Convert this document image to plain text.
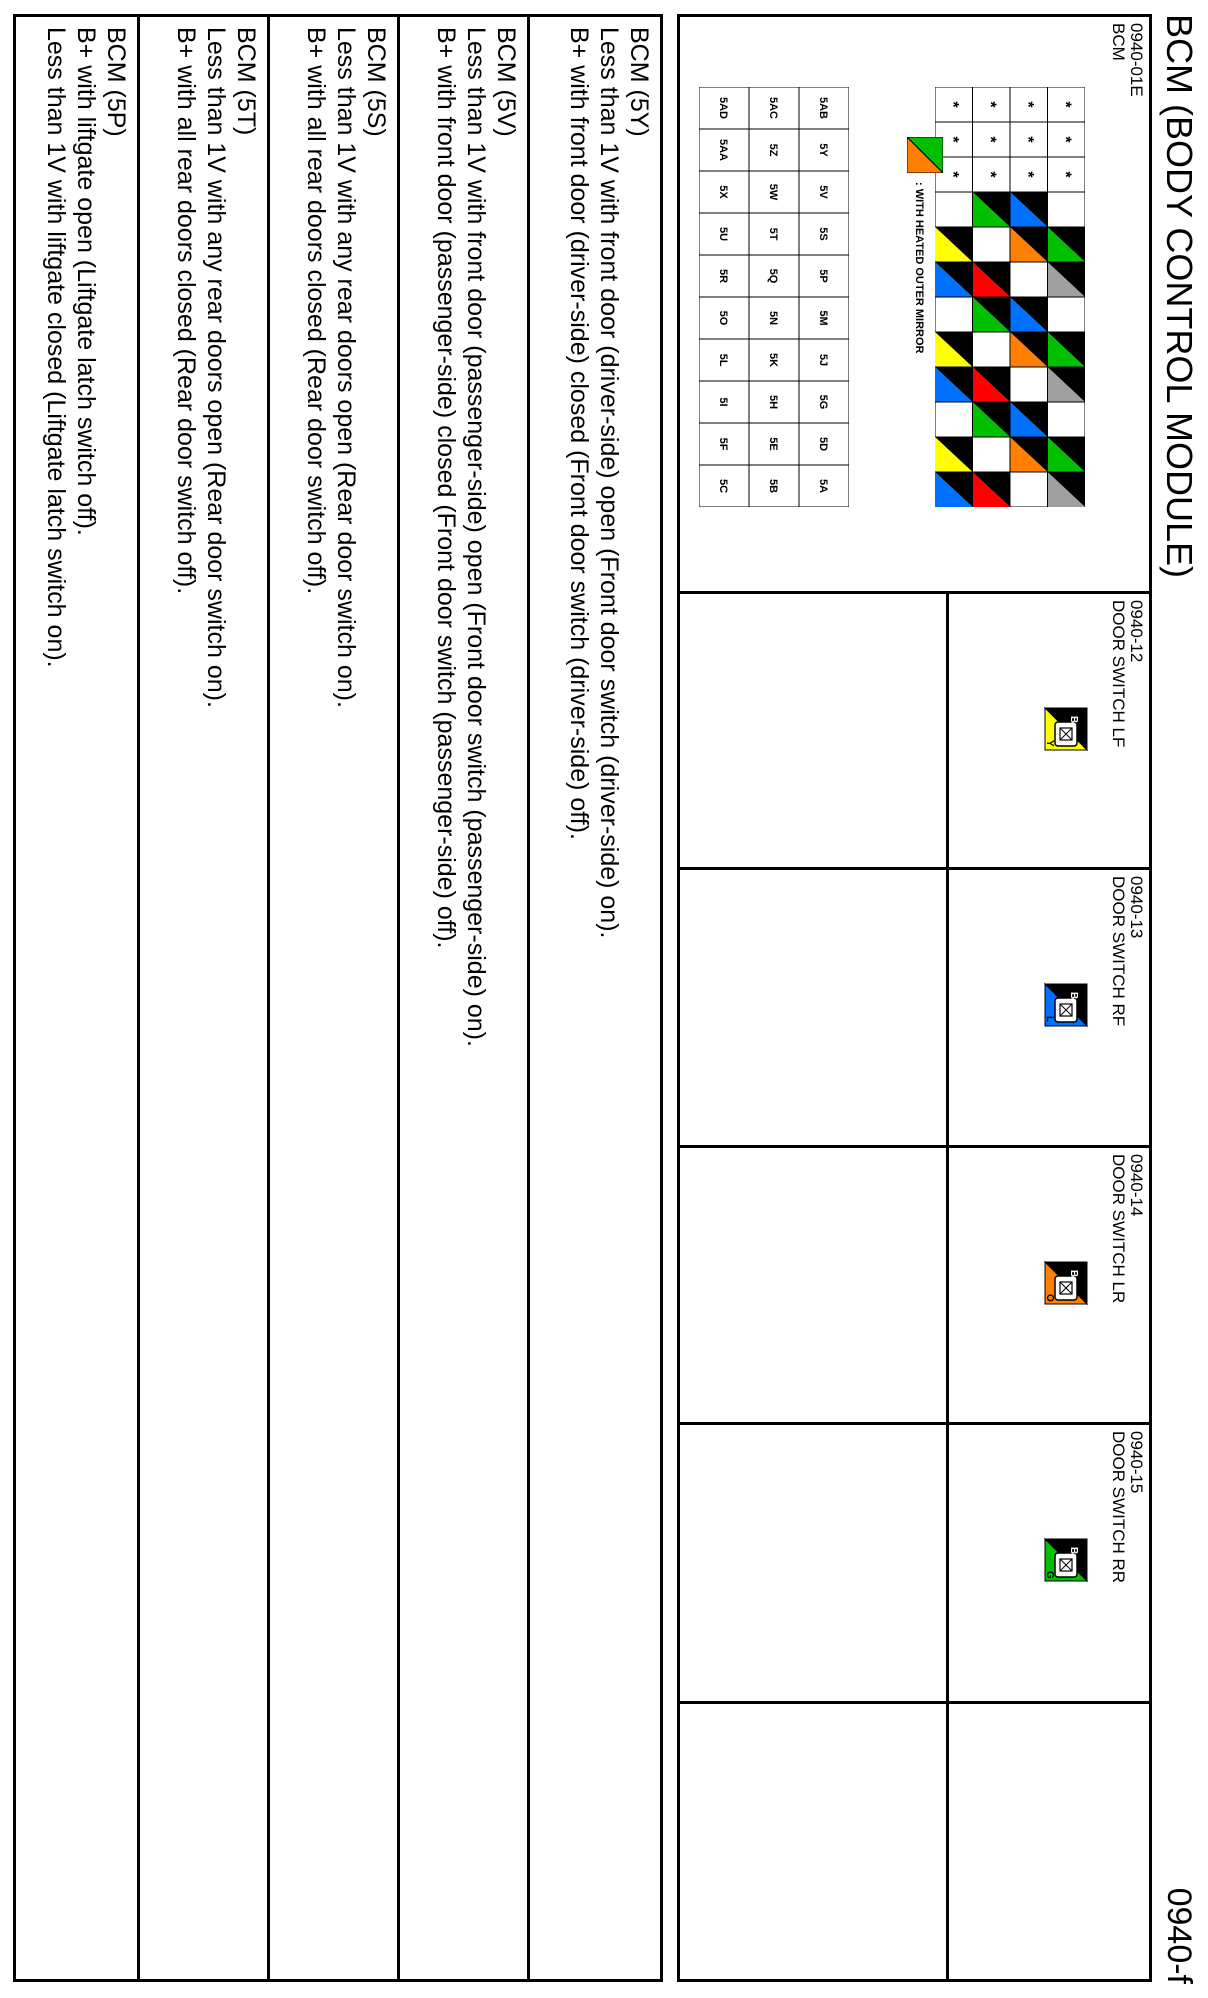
BCM (BODY CONTROL MODULE)
0940-f
0940-01E
BCM
*
*
*
*
*
*
*
*
*
*
*
*
: WITH HEATED OUTER MIRROR
5AB
5Y
5V
5S
5P
5M
5J
5G
5D
5A
5AC
5Z
5W
5T
5Q
5N
5K
5H
5E
5B
5AD
5AA
5X
5U
5R
5O
5L
5I
5F
5C
0940-12
DOOR SWITCH LF
B
Y
0940-13
DOOR SWITCH RF
B
L
0940-14
DOOR SWITCH LR
B
O
0940-15
DOOR SWITCH RR
B
G
BCM (5Y)
Less than 1V with front door (driver-side) open (Front door switch (driver-side) on).
B+ with front door (driver-side) closed (Front door switch (driver-side) off).
BCM (5V)
Less than 1V with front door (passenger-side) open (Front door switch (passenger-side) on).
B+ with front door (passenger-side) closed (Front door switch (passenger-side) off).
BCM (5S)
Less than 1V with any rear doors open (Rear door switch on).
B+ with all rear doors closed (Rear door switch off).
BCM (5T)
Less than 1V with any rear doors open (Rear door switch on).
B+ with all rear doors closed (Rear door switch off).
BCM (5P)
B+ with liftgate open (Liftgate latch switch off).
Less than 1V with liftgate closed (Liftgate latch switch on).
